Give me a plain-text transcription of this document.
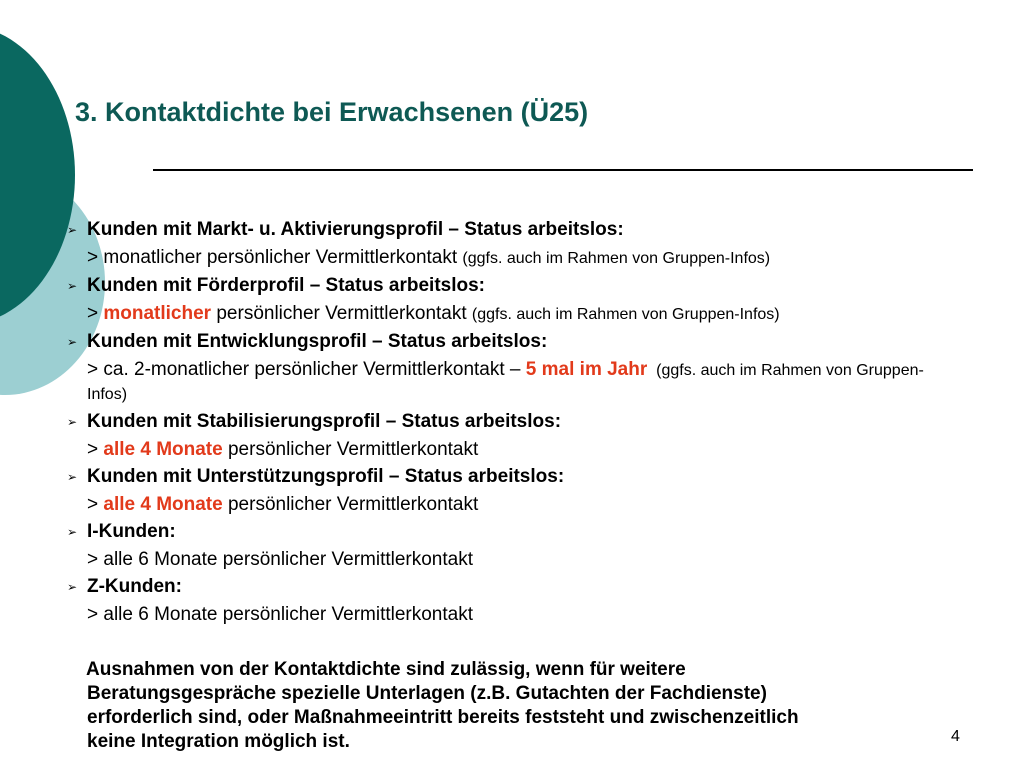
3. Kontaktdichte bei Erwachsenen (Ü25)
➢ Kunden mit Markt- u. Aktivierungsprofil – Status arbeitslos:
> monatlicher persönlicher Vermittlerkontakt (ggfs. auch im Rahmen von Gruppen-Infos)
➢ Kunden mit Förderprofil – Status arbeitslos:
> monatlicher persönlicher Vermittlerkontakt (ggfs. auch im Rahmen von Gruppen-Infos)
➢ Kunden mit Entwicklungsprofil – Status arbeitslos:
> ca. 2-monatlicher persönlicher Vermittlerkontakt – 5 mal im Jahr  (ggfs. auch im Rahmen von Gruppen-Infos)
➢ Kunden mit Stabilisierungsprofil – Status arbeitslos:
> alle 4 Monate persönlicher Vermittlerkontakt
➢ Kunden mit Unterstützungsprofil – Status arbeitslos:
> alle 4 Monate persönlicher Vermittlerkontakt
➢ I-Kunden:
> alle 6 Monate persönlicher Vermittlerkontakt
➢ Z-Kunden:
> alle 6 Monate persönlicher Vermittlerkontakt
Ausnahmen von der Kontaktdichte sind zulässig, wenn für weitere
Beratungsgespräche spezielle Unterlagen (z.B. Gutachten der Fachdienste)
erforderlich sind, oder Maßnahmeeintritt bereits feststeht und zwischenzeitlich
keine Integration möglich ist.	4
